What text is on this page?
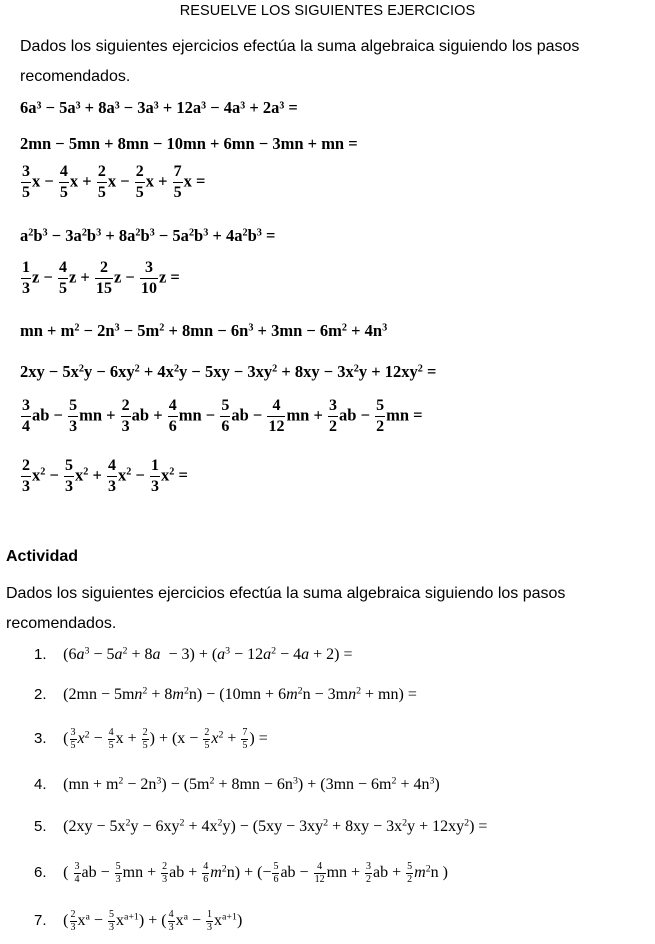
RESUELVE LOS SIGUIENTES EJERCICIOS
Dados los siguientes ejercicios efectúa la suma algebraica siguiendo los pasos
recomendados.
6a³ − 5a³ + 8a³ − 3a³ + 12a³ − 4a³ + 2a³ =
2mn − 5mn + 8mn − 10mn + 6mn − 3mn + mn =
$\frac{3}{5}$ $x - \frac{4}{5}$ $x + \frac{2}{5}$ $x - \frac{2}{5}$ $x + \frac{7}{5}$ x =
$a^2b^3 - 3a^2b^3 + 8a^2b^3 - 5a^2b^3 + 4a^2b^3$ =
$\frac{1}{3}$ $z - \frac{4}{5}$ $z + \frac{2}{15}$ $z - \frac{3}{10}$ z =
mn + $m^2 - 2n^3 - 5m^2 + 8mn - 6n^3 + 3mn - 6m^2 + 4n^3$
$2xy - 5x^2y - 6xy^2 + 4x^2y - 5xy - 3xy^2 + 8xy - 3x^2y + 12xy^2$ =
$\frac{3}{4}$ ab − $\frac{5}{3}$ mn + $\frac{2}{3}$ ab + $\frac{4}{6}$ mn − $\frac{5}{6}$ ab − $\frac{4}{12}$ mn + $\frac{3}{2}$ ab − $\frac{5}{2}$ mn =
$\frac{2}{3} x^2 - \frac{5}{3} x^2 + \frac{4}{3} x^2 - \frac{1}{3} x^2$ =
Actividad
Dados los siguientes ejercicios efectúa la suma algebraica siguiendo los pasos
recomendados.
1. $(6a^3 - 5a^2 + 8a - 3) + (a^3 - 12a^2 - 4a + 2)$ =
2. $(2mn - 5mn^2 + 8m^2n) - (10mn + 6m^2n - 3mn^2 + mn)$ =
3. ( $\frac{3}{5} x^2 - \frac{4}{5}$ $x + \frac{2}{5}$ ) + ($x - \frac{2}{5} x^2 + \frac{7}{5}$ ) =
4. $(mn + m^2 - 2n^3) - (5m^2 + 8mn - 6n^3) + (3mn - 6m^2 + 4n^3)$
5. $(2xy - 5x^2y - 6xy^2 + 4x^2y) - (5xy - 3xy^2 + 8xy - 3x^2y + 12xy^2)$ =
6. ( $\frac{3}{4}$ ab − $\frac{5}{3}$ mn + $\frac{2}{3}$ ab + $\frac{4}{6} m^2n$) + (− $\frac{5}{6}$ ab − $\frac{4}{12}$ mn + $\frac{3}{2}$ ab + $\frac{5}{2} m^2n$ )
7. ( $\frac{2}{3} x^a - \frac{5}{3} x^{a+1}$) + ( $\frac{4}{3} x^a - \frac{1}{3} x^{a+1}$)
